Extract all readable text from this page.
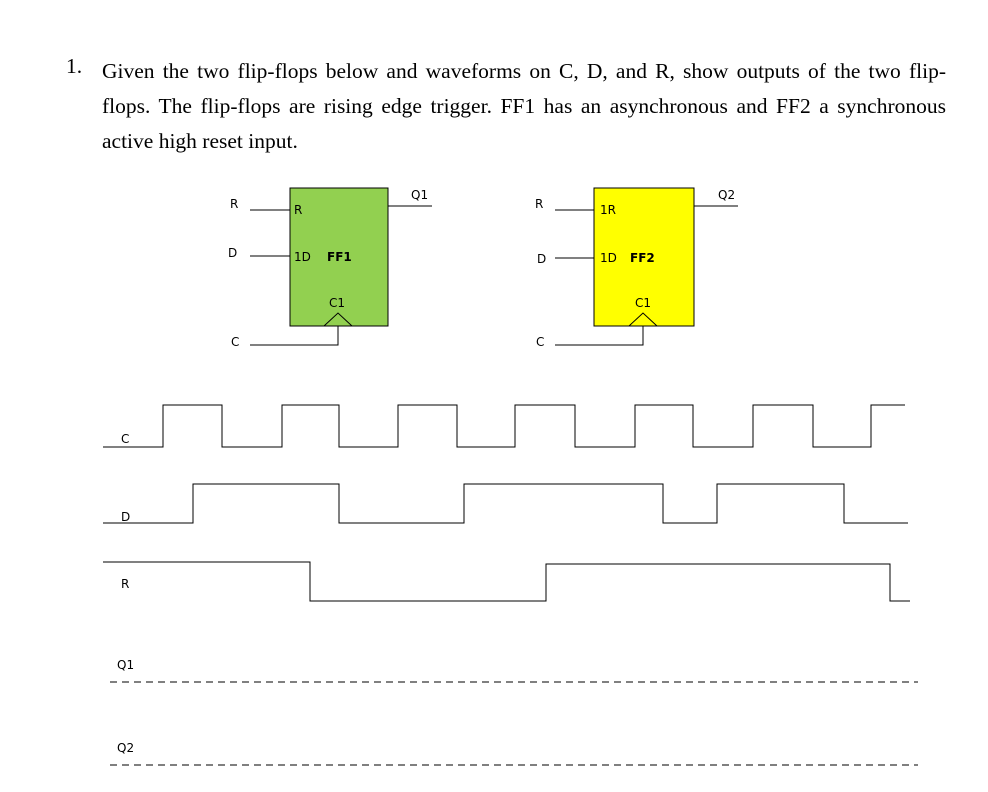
1. Given the two flip-flops below and waveforms on C, D, and R, show outputs of the two flip-flops. The flip-flops are rising edge trigger. FF1 has an asynchronous and FF2 a synchronous active high reset input.
R
D
C
R
1D FF1
C1
Q1
R
D
C
1R
1D FF2
C1
Q2
C
D
R
Q1
Q2
